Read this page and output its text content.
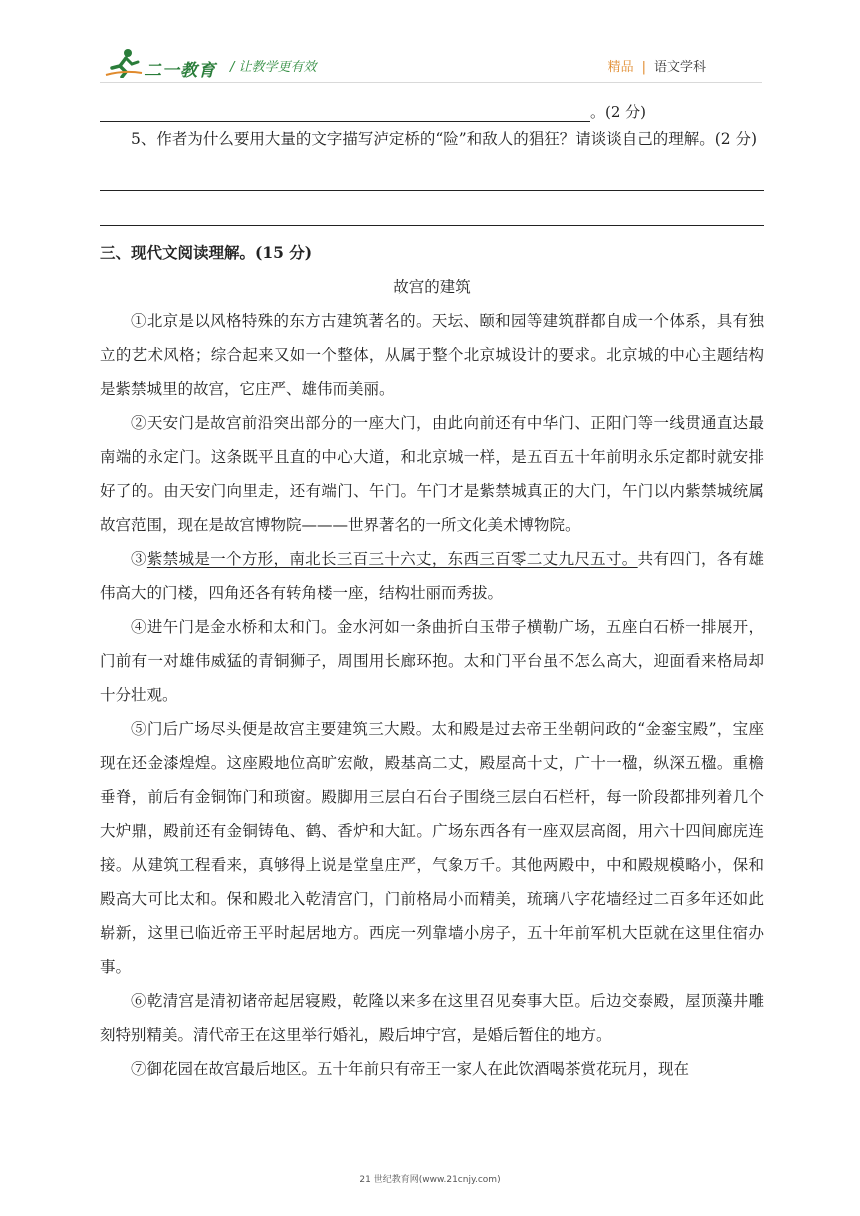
二一教育 / 让教学更有效	精品 | 语文学科
。(2 分)

5、作者为什么要用大量的文字描写泸定桥的“险”和敌人的猖狂？请谈谈自己的理解。(2 分)

三、现代文阅读理解。(15 分)
故宫的建筑

①北京是以风格特殊的东方古建筑著名的。天坛、颐和园等建筑群都自成一个体系，具有独立的艺术风格；综合起来又如一个整体，从属于整个北京城设计的要求。北京城的中心主题结构是紫禁城里的故宫，它庄严、雄伟而美丽。

②天安门是故宫前沿突出部分的一座大门，由此向前还有中华门、正阳门等一线贯通直达最南端的永定门。这条既平且直的中心大道，和北京城一样，是五百五十年前明永乐定都时就安排好了的。由天安门向里走，还有端门、午门。午门才是紫禁城真正的大门，午门以内紫禁城统属故宫范围，现在是故宫博物院———世界著名的一所文化美术博物院。

③紫禁城是一个方形，南北长三百三十六丈，东西三百零二丈九尺五寸。共有四门，各有雄伟高大的门楼，四角还各有转角楼一座，结构壮丽而秀拔。

④进午门是金水桥和太和门。金水河如一条曲折白玉带子横勒广场，五座白石桥一排展开，门前有一对雄伟威猛的青铜狮子，周围用长廊环抱。太和门平台虽不怎么高大，迎面看来格局却十分壮观。

⑤门后广场尽头便是故宫主要建筑三大殿。太和殿是过去帝王坐朝问政的“金銮宝殿”，宝座现在还金漆煌煌。这座殿地位高旷宏敞，殿基高二丈，殿屋高十丈，广十一楹，纵深五楹。重檐垂脊，前后有金铜饰门和琐窗。殿脚用三层白石台子围绕三层白石栏杆，每一阶段都排列着几个大炉鼎，殿前还有金铜铸龟、鹤、香炉和大缸。广场东西各有一座双层高阁，用六十四间廊庑连接。从建筑工程看来，真够得上说是堂皇庄严，气象万千。其他两殿中，中和殿规模略小，保和殿高大可比太和。保和殿北入乾清宫门，门前格局小而精美，琉璃八字花墙经过二百多年还如此崭新，这里已临近帝王平时起居地方。西庑一列靠墙小房子，五十年前军机大臣就在这里住宿办事。

⑥乾清宫是清初诸帝起居寝殿，乾隆以来多在这里召见奏事大臣。后边交泰殿，屋顶藻井雕刻特别精美。清代帝王在这里举行婚礼，殿后坤宁宫，是婚后暂住的地方。

⑦御花园在故宫最后地区。五十年前只有帝王一家人在此饮酒喝茶赏花玩月，现在

21 世纪教育网(www.21cnjy.com)
